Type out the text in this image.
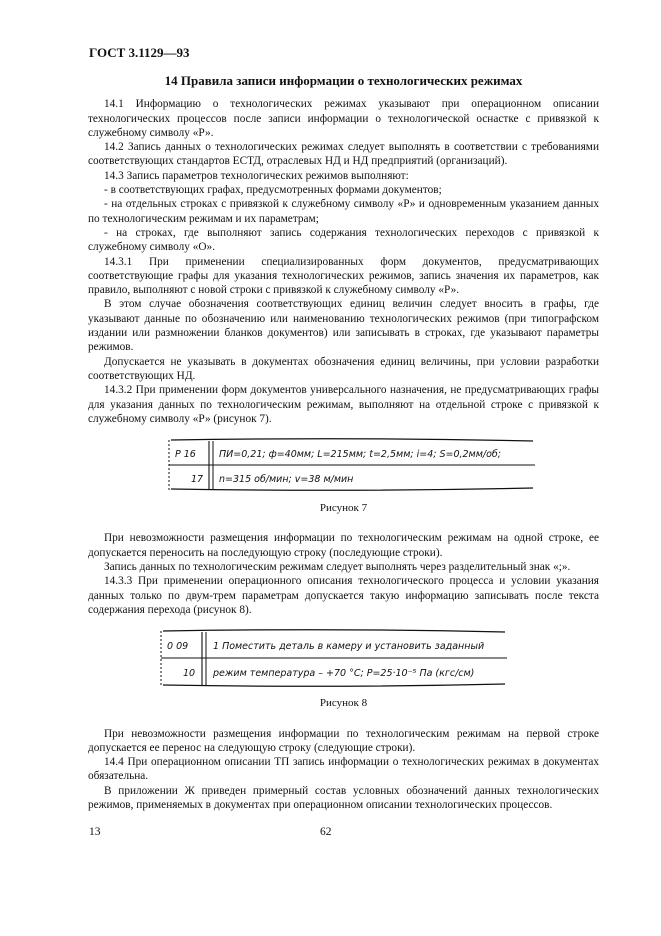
ГОСТ 3.1129—93
14 Правила записи информации о технологических режимах

14.1 Информацию о технологических режимах указывают при операционном описании технологических процессов после записи информации о технологической оснастке с привязкой к служебному символу «Р».

14.2 Запись данных о технологических режимах следует выполнять в соответствии с требованиями соответствующих стандартов ЕСТД, отраслевых НД и НД предприятий (организаций).

14.3 Запись параметров технологических режимов выполняют:

- в соответствующих графах, предусмотренных формами документов;

- на отдельных строках с привязкой к служебному символу «Р» и одновременным указанием данных по технологическим режимам и их параметрам;

- на строках, где выполняют запись содержания технологических переходов с привязкой к служебному символу «О».

14.3.1 При применении специализированных форм документов, предусматривающих соответствующие графы для указания технологических режимов, запись значения их параметров, как правило, выполняют с новой строки с привязкой к служебному символу «Р».

В этом случае обозначения соответствующих единиц величин следует вносить в графы, где указывают данные по обозначению или наименованию технологических режимов (при типографском издании или размножении бланков документов) или записывать в строках, где указывают параметры режимов.

Допускается не указывать в документах обозначения единиц величины, при условии разработки соответствующих НД.

14.3.2 При применении форм документов универсального назначения, не предусматривающих графы для указания данных по технологическим режимам, выполняют на отдельной строке с привязкой к служебному символу «Р» (рисунок 7).

Р 16 ПИ=0,21; ф=40мм; L=215мм; t=2,5мм; i=4; S=0,2мм/об;
17 n=315 об/мин; v=38 м/мин
Рисунок 7

При невозможности размещения информации по технологическим режимам на одной строке, ее допускается переносить на последующую строку (последующие строки).

Запись данных по технологическим режимам следует выполнять через разделительный знак «;».

14.3.3 При применении операционного описания технологического процесса и условии указания данных только по двум-трем параметрам допускается такую информацию записывать после текста содержания перехода (рисунок 8).

0 09	1 Поместить деталь в камеру и установить заданный
10 режим температура – +70 °С; P=25·10⁻⁵ Па (кгс/см)
Рисунок 8

При невозможности размещения информации по технологическим режимам на первой строке допускается ее перенос на следующую строку (следующие строки).

14.4 При операционном описании ТП запись информации о технологических режимах в документах обязательна.

В приложении Ж приведен примерный состав условных обозначений данных технологических режимов, применяемых в документах при операционном описании технологических процессов.

13	62
